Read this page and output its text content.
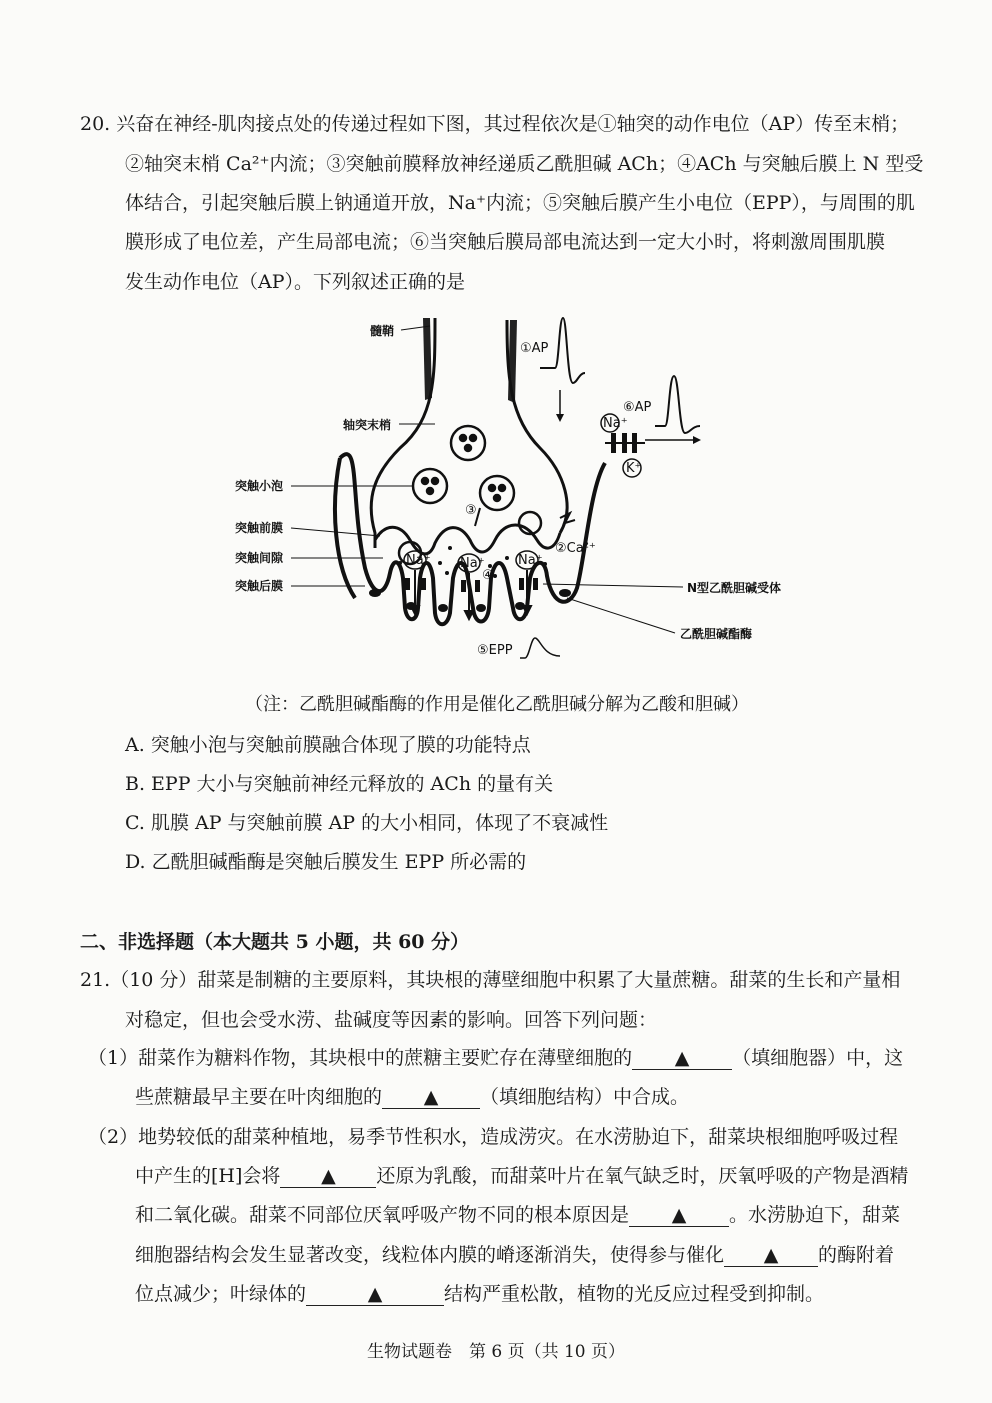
20. 兴奋在神经-肌肉接点处的传递过程如下图，其过程依次是①轴突的动作电位（AP）传至末梢；
②轴突末梢 Ca²⁺内流；③突触前膜释放神经递质乙酰胆碱 ACh；④ACh 与突触后膜上 N 型受
体结合，引起突触后膜上钠通道开放，Na⁺内流；⑤突触后膜产生小电位（EPP），与周围的肌
膜形成了电位差，产生局部电流；⑥当突触后膜局部电流达到一定大小时，将刺激周围肌膜
发生动作电位（AP）。下列叙述正确的是
Na⁺ Na⁺	Na⁺
④
③
②Ca²⁺
①AP
⑥AP
Na⁺
K⁺
⑤EPP
髓鞘
轴突末梢
突触小泡
突触前膜
突触间隙
突触后膜	N型乙酰胆碱受体
乙酰胆碱酯酶
（注：乙酰胆碱酯酶的作用是催化乙酰胆碱分解为乙酸和胆碱）
A. 突触小泡与突触前膜融合体现了膜的功能特点
B. EPP 大小与突触前神经元释放的 ACh 的量有关
C. 肌膜 AP 与突触前膜 AP 的大小相同，体现了不衰减性
D. 乙酰胆碱酯酶是突触后膜发生 EPP 所必需的
二、非选择题（本大题共 5 小题，共 60 分）
21.（10 分）甜菜是制糖的主要原料，其块根的薄壁细胞中积累了大量蔗糖。甜菜的生长和产量相
对稳定，但也会受水涝、盐碱度等因素的影响。回答下列问题：
（1）甜菜作为糖料作物，其块根中的蔗糖主要贮存在薄壁细胞的 ▲ （填细胞器）中，这
些蔗糖最早主要在叶肉细胞的 ▲ （填细胞结构）中合成。
（2）地势较低的甜菜种植地，易季节性积水，造成涝灾。在水涝胁迫下，甜菜块根细胞呼吸过程
中产生的[H]会将 ▲ 还原为乳酸，而甜菜叶片在氧气缺乏时，厌氧呼吸的产物是酒精
和二氧化碳。甜菜不同部位厌氧呼吸产物不同的根本原因是 ▲ 。水涝胁迫下，甜菜
细胞器结构会发生显著改变，线粒体内膜的嵴逐渐消失，使得参与催化 ▲ 的酶附着
位点减少；叶绿体的	▲	结构严重松散，植物的光反应过程受到抑制。
生物试题卷　第 6 页（共 10 页）
